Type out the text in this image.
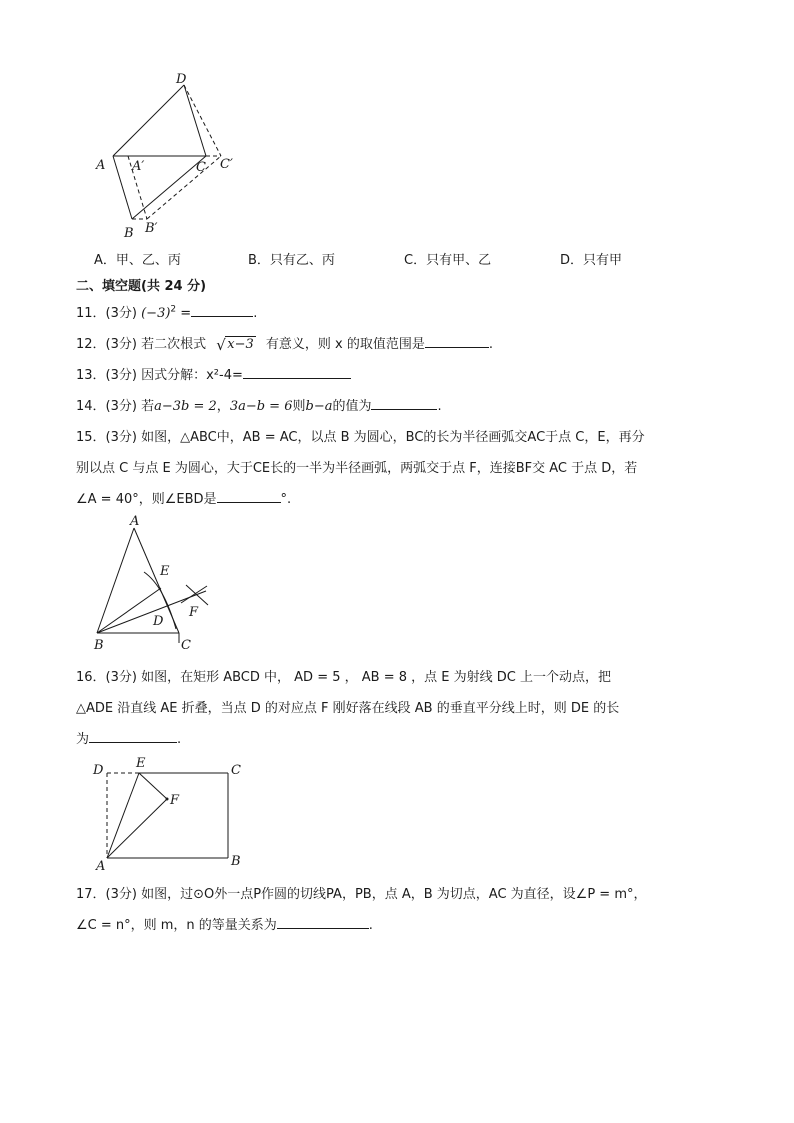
D
A A′	C C′
B B′
A．甲、乙、丙	B．只有乙、丙	C．只有甲、乙	D．只有甲
二、填空题(共 24 分)
11．(3分) $(-3)^2$ =	.
12．(3分) 若二次根式 √ x−3 有意义，则 x 的取值范围是	.
13．(3分) 因式分解：x²-4=
14．(3分) 若a−3b = 2，3a−b = 6则b−a的值为	.
15．(3分) 如图，△ABC中，AB = AC，以点 B 为圆心，BC的长为半径画弧交AC于点 C，E，再分
别以点 C 与点 E 为圆心，大于CE长的一半为半径画弧，两弧交于点 F，连接BF交 AC 于点 D，若
∠A = 40°，则∠EBD是	°.
A
E
F
D
B	C
16．(3分) 如图，在矩形 ABCD 中， AD = 5 ， AB = 8 ，点 E 为射线 DC 上一个动点，把
△ADE 沿直线 AE 折叠，当点 D 的对应点 F 刚好落在线段 AB 的垂直平分线上时，则 DE 的长
为	.
D	E	C
F
A	B
17．(3分) 如图，过⊙O外一点P作圆的切线PA，PB，点 A，B 为切点，AC 为直径，设∠P = m°，
∠C = n°，则 m，n 的等量关系为	.
